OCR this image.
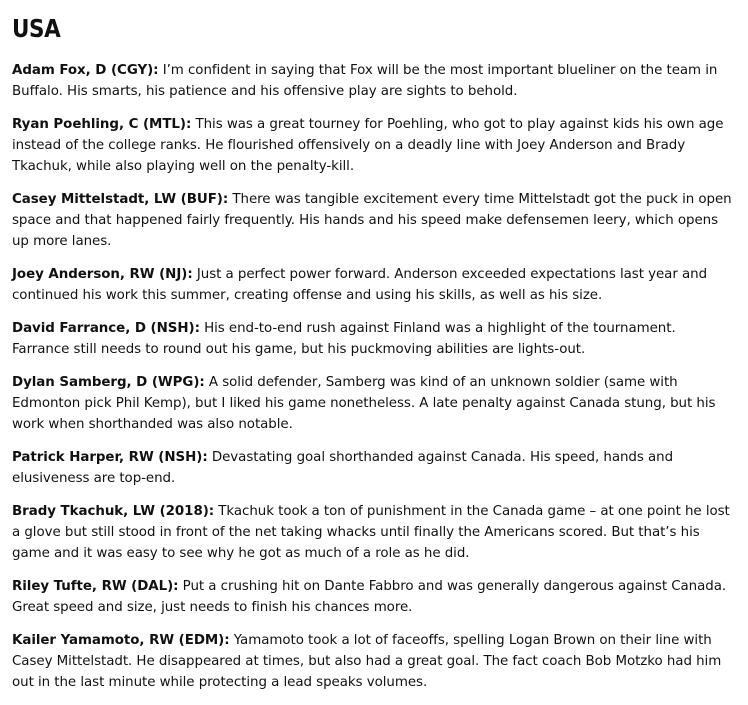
USA

Adam Fox, D (CGY): I’m confident in saying that Fox will be the most important blueliner on the team in Buffalo. His smarts, his patience and his offensive play are sights to behold.

Ryan Poehling, C (MTL): This was a great tourney for Poehling, who got to play against kids his own age instead of the college ranks. He flourished offensively on a deadly line with Joey Anderson and Brady Tkachuk, while also playing well on the penalty-kill.

Casey Mittelstadt, LW (BUF): There was tangible excitement every time Mittelstadt got the puck in open space and that happened fairly frequently. His hands and his speed make defensemen leery, which opens up more lanes.

Joey Anderson, RW (NJ): Just a perfect power forward. Anderson exceeded expectations last year and continued his work this summer, creating offense and using his skills, as well as his size.

David Farrance, D (NSH): His end-to-end rush against Finland was a highlight of the tournament. Farrance still needs to round out his game, but his puckmoving abilities are lights-out.

Dylan Samberg, D (WPG): A solid defender, Samberg was kind of an unknown soldier (same with Edmonton pick Phil Kemp), but I liked his game nonetheless. A late penalty against Canada stung, but his work when shorthanded was also notable.

Patrick Harper, RW (NSH): Devastating goal shorthanded against Canada. His speed, hands and elusiveness are top-end.

Brady Tkachuk, LW (2018): Tkachuk took a ton of punishment in the Canada game – at one point he lost a glove but still stood in front of the net taking whacks until finally the Americans scored. But that’s his game and it was easy to see why he got as much of a role as he did.

Riley Tufte, RW (DAL): Put a crushing hit on Dante Fabbro and was generally dangerous against Canada. Great speed and size, just needs to finish his chances more.

Kailer Yamamoto, RW (EDM): Yamamoto took a lot of faceoffs, spelling Logan Brown on their line with Casey Mittelstadt. He disappeared at times, but also had a great goal. The fact coach Bob Motzko had him out in the last minute while protecting a lead speaks volumes.
